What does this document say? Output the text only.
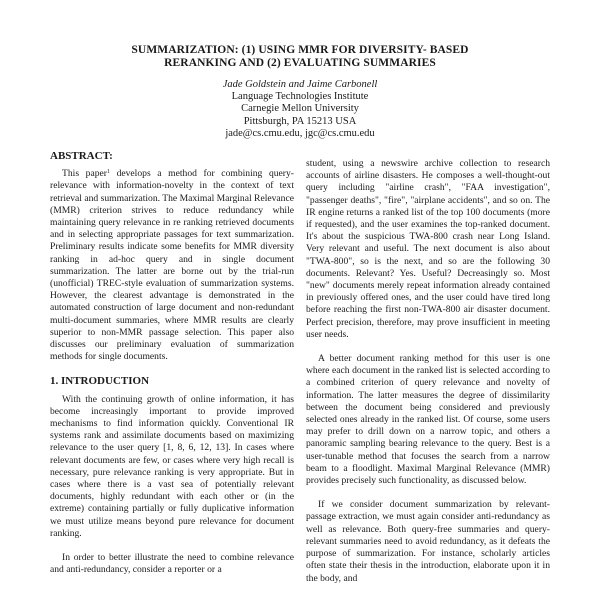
SUMMARIZATION: (1) USING MMR FOR DIVERSITY- BASED
RERANKING AND (2) EVALUATING SUMMARIES
Jade Goldstein and Jaime Carbonell
Language Technologies Institute
Carnegie Mellon University
Pittsburgh, PA 15213 USA
jade@cs.cmu.edu, jgc@cs.cmu.edu
ABSTRACT:

This paper$^1$ develops a method for combining query-relevance with information-novelty in the context of text retrieval and summarization. The Maximal Marginal Relevance (MMR) criterion strives to reduce redundancy while maintaining query relevance in re ranking retrieved documents and in selecting appropriate passages for text summarization. Preliminary results indicate some benefits for MMR diversity ranking in ad-hoc query and in single document summarization. The latter are borne out by the trial-run (unofficial) TREC-style evaluation of summarization systems. However, the clearest advantage is demonstrated in the automated construction of large document and non-redundant multi-document summaries, where MMR results are clearly superior to non-MMR passage selection. This paper also discusses our preliminary evaluation of summarization methods for single documents.

1. INTRODUCTION

With the continuing growth of online information, it has become increasingly important to provide improved mechanisms to find information quickly. Conventional IR systems rank and assimilate documents based on maximizing relevance to the user query [1, 8, 6, 12, 13]. In cases where relevant documents are few, or cases where very high recall is necessary, pure relevance ranking is very appropriate. But in cases where there is a vast sea of potentially relevant documents, highly redundant with each other or (in the extreme) containing partially or fully duplicative information we must utilize means beyond pure relevance for document ranking.

In order to better illustrate the need to combine relevance and anti-redundancy, consider a reporter or a

student, using a newswire archive collection to research accounts of airline disasters. He composes a well-thought-out query including "airline crash", "FAA investigation", "passenger deaths", "fire", "airplane accidents", and so on. The IR engine returns a ranked list of the top 100 documents (more if requested), and the user examines the top-ranked document. It's about the suspicious TWA-800 crash near Long Island. Very relevant and useful. The next document is also about "TWA-800", so is the next, and so are the following 30 documents. Relevant? Yes. Useful? Decreasingly so. Most "new" documents merely repeat information already contained in previously offered ones, and the user could have tired long before reaching the first non-TWA-800 air disaster document. Perfect precision, therefore, may prove insufficient in meeting user needs.

A better document ranking method for this user is one where each document in the ranked list is selected according to a combined criterion of query relevance and novelty of information. The latter measures the degree of dissimilarity between the document being considered and previously selected ones already in the ranked list. Of course, some users may prefer to drill down on a narrow topic, and others a panoramic sampling bearing relevance to the query. Best is a user-tunable method that focuses the search from a narrow beam to a floodlight. Maximal Marginal Relevance (MMR) provides precisely such functionality, as discussed below.

If we consider document summarization by relevant-passage extraction, we must again consider anti-redundancy as well as relevance. Both query-free summaries and query-relevant summaries need to avoid redundancy, as it defeats the purpose of summarization. For instance, scholarly articles often state their thesis in the introduction, elaborate upon it in the body, and
